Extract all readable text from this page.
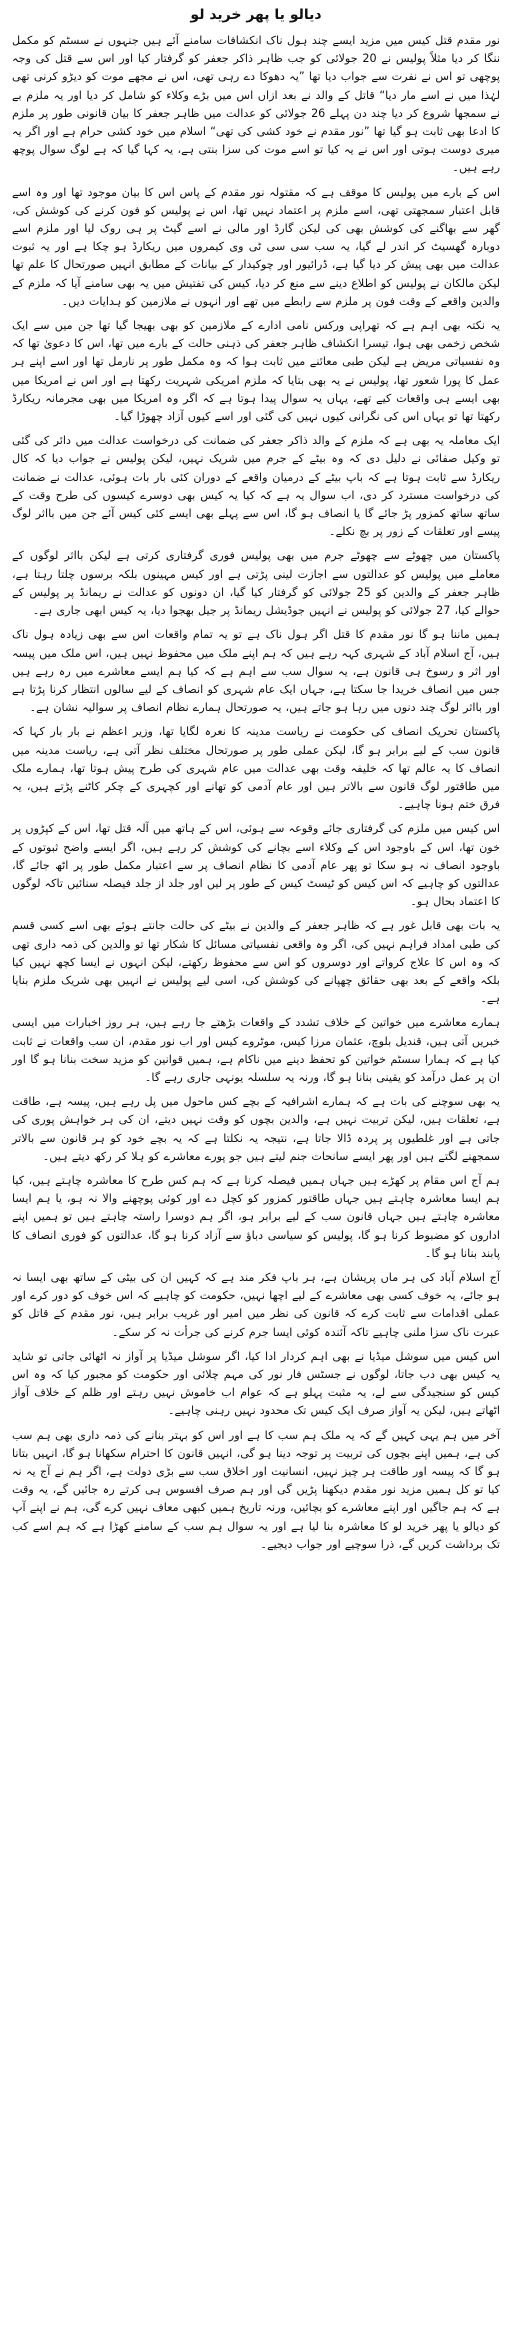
دیالو یا پھر خرید لو

نور مقدم قتل کیس میں مزید ایسے چند ہول ناک انکشافات سامنے آئے ہیں جنہوں نے سسٹم کو مکمل ننگا کر دیا مثلاً پولیس نے 20 جولائی کو جب ظاہر ذاکر جعفر کو گرفتار کیا اور اس سے قتل کی وجہ پوچھی تو اس نے نفرت سے جواب دیا تھا ”یہ دھوکا دے رہی تھی، اس نے مجھے موت کو دیڑو کرنی تھی لہٰذا میں نے اسے مار دیا“ قاتل کے والد نے بعد ازاں اس میں بڑے وکلاء کو شامل کر دیا اور یہ ملزم بے نے سمجھا شروع کر دیا چند دن پہلے 26 جولائی کو عدالت میں ظاہر جعفر کا بیان قانونی طور پر ملزم کا ادعا بھی ثابت ہو گیا تھا ”نور مقدم نے خود کشی کی تھی“ اسلام میں خود کشی حرام ہے اور اگر یہ میری دوست ہوتی اور اس نے یہ کیا تو اسے موت کی سزا بنتی ہے، یہ کہا گیا کہ ہے لوگ سوال پوچھ رہے ہیں۔

اس کے بارے میں پولیس کا موقف ہے کہ مقتولہ نور مقدم کے پاس اس کا بیان موجود تھا اور وہ اسے قابل اعتبار سمجھتی تھی، اسے ملزم پر اعتماد نہیں تھا، اس نے پولیس کو فون کرنے کی کوشش کی، گھر سے بھاگنے کی کوشش بھی کی لیکن گارڈ اور مالی نے اسے گیٹ پر ہی روک لیا اور ملزم اسے دوبارہ گھسیٹ کر اندر لے گیا، یہ سب سی سی ٹی وی کیمروں میں ریکارڈ ہو چکا ہے اور یہ ثبوت عدالت میں بھی پیش کر دیا گیا ہے، ڈرائیور اور چوکیدار کے بیانات کے مطابق انہیں صورتحال کا علم تھا لیکن مالکان نے پولیس کو اطلاع دینے سے منع کر دیا، کیس کی تفتیش میں یہ بھی سامنے آیا کہ ملزم کے والدین واقعے کے وقت فون پر ملزم سے رابطے میں تھے اور انہوں نے ملازمین کو ہدایات دیں۔

یہ نکتہ بھی اہم ہے کہ تھراپی ورکس نامی ادارے کے ملازمین کو بھی بھیجا گیا تھا جن میں سے ایک شخص زخمی بھی ہوا، تیسرا انکشاف ظاہر جعفر کی ذہنی حالت کے بارے میں تھا، اس کا دعویٰ تھا کہ وہ نفسیاتی مریض ہے لیکن طبی معائنے میں ثابت ہوا کہ وہ مکمل طور پر نارمل تھا اور اسے اپنے ہر عمل کا پورا شعور تھا، پولیس نے یہ بھی بتایا کہ ملزم امریکی شہریت رکھتا ہے اور اس نے امریکا میں بھی ایسے ہی واقعات کیے تھے، یہاں یہ سوال پیدا ہوتا ہے کہ اگر وہ امریکا میں بھی مجرمانہ ریکارڈ رکھتا تھا تو یہاں اس کی نگرانی کیوں نہیں کی گئی اور اسے کیوں آزاد چھوڑا گیا۔

ایک معاملہ یہ بھی ہے کہ ملزم کے والد ذاکر جعفر کی ضمانت کی درخواست عدالت میں دائر کی گئی تو وکیل صفائی نے دلیل دی کہ وہ بیٹے کے جرم میں شریک نہیں، لیکن پولیس نے جواب دیا کہ کال ریکارڈ سے ثابت ہوتا ہے کہ باپ بیٹے کے درمیان واقعے کے دوران کئی بار بات ہوئی، عدالت نے ضمانت کی درخواست مسترد کر دی، اب سوال یہ ہے کہ کیا یہ کیس بھی دوسرے کیسوں کی طرح وقت کے ساتھ ساتھ کمزور پڑ جائے گا یا انصاف ہو گا، اس سے پہلے بھی ایسے کئی کیس آئے جن میں بااثر لوگ پیسے اور تعلقات کے زور پر بچ نکلے۔

پاکستان میں چھوٹے سے چھوٹے جرم میں بھی پولیس فوری گرفتاری کرتی ہے لیکن بااثر لوگوں کے معاملے میں پولیس کو عدالتوں سے اجازت لینی پڑتی ہے اور کیس مہینوں بلکہ برسوں چلتا رہتا ہے، ظاہر جعفر کے والدین کو 25 جولائی کو گرفتار کیا گیا، ان دونوں کو عدالت نے ریمانڈ پر پولیس کے حوالے کیا، 27 جولائی کو پولیس نے انہیں جوڈیشل ریمانڈ پر جیل بھجوا دیا، یہ کیس ابھی جاری ہے۔

ہمیں ماننا ہو گا نور مقدم کا قتل اگر ہول ناک ہے تو یہ تمام واقعات اس سے بھی زیادہ ہول ناک ہیں، آج اسلام آباد کے شہری کہہ رہے ہیں کہ ہم اپنے ملک میں محفوظ نہیں ہیں، اس ملک میں پیسہ اور اثر و رسوخ ہی قانون ہے، یہ سوال سب سے اہم ہے کہ کیا ہم ایسے معاشرے میں رہ رہے ہیں جس میں انصاف خریدا جا سکتا ہے، جہاں ایک عام شہری کو انصاف کے لیے سالوں انتظار کرنا پڑتا ہے اور بااثر لوگ چند دنوں میں رہا ہو جاتے ہیں، یہ صورتحال ہمارے نظام انصاف پر سوالیہ نشان ہے۔

پاکستان تحریک انصاف کی حکومت نے ریاست مدینہ کا نعرہ لگایا تھا، وزیر اعظم نے بار بار کہا کہ قانون سب کے لیے برابر ہو گا، لیکن عملی طور پر صورتحال مختلف نظر آتی ہے، ریاست مدینہ میں انصاف کا یہ عالم تھا کہ خلیفہ وقت بھی عدالت میں عام شہری کی طرح پیش ہوتا تھا، ہمارے ملک میں طاقتور لوگ قانون سے بالاتر ہیں اور عام آدمی کو تھانے اور کچہری کے چکر کاٹنے پڑتے ہیں، یہ فرق ختم ہونا چاہیے۔

اس کیس میں ملزم کی گرفتاری جائے وقوعہ سے ہوئی، اس کے ہاتھ میں آلہ قتل تھا، اس کے کپڑوں پر خون تھا، اس کے باوجود اس کے وکلاء اسے بچانے کی کوشش کر رہے ہیں، اگر ایسے واضح ثبوتوں کے باوجود انصاف نہ ہو سکا تو پھر عام آدمی کا نظام انصاف پر سے اعتبار مکمل طور پر اٹھ جائے گا، عدالتوں کو چاہیے کہ اس کیس کو ٹیسٹ کیس کے طور پر لیں اور جلد از جلد فیصلہ سنائیں تاکہ لوگوں کا اعتماد بحال ہو۔

یہ بات بھی قابل غور ہے کہ ظاہر جعفر کے والدین نے بیٹے کی حالت جانتے ہوئے بھی اسے کسی قسم کی طبی امداد فراہم نہیں کی، اگر وہ واقعی نفسیاتی مسائل کا شکار تھا تو والدین کی ذمہ داری تھی کہ وہ اس کا علاج کرواتے اور دوسروں کو اس سے محفوظ رکھتے، لیکن انہوں نے ایسا کچھ نہیں کیا بلکہ واقعے کے بعد بھی حقائق چھپانے کی کوشش کی، اسی لیے پولیس نے انہیں بھی شریک ملزم بنایا ہے۔

ہمارے معاشرے میں خواتین کے خلاف تشدد کے واقعات بڑھتے جا رہے ہیں، ہر روز اخبارات میں ایسی خبریں آتی ہیں، قندیل بلوچ، عثمان مرزا کیس، موٹروے کیس اور اب نور مقدم، ان سب واقعات نے ثابت کیا ہے کہ ہمارا سسٹم خواتین کو تحفظ دینے میں ناکام ہے، ہمیں قوانین کو مزید سخت بنانا ہو گا اور ان پر عمل درآمد کو یقینی بنانا ہو گا، ورنہ یہ سلسلہ یونہی جاری رہے گا۔

یہ بھی سوچنے کی بات ہے کہ ہمارے اشرافیہ کے بچے کس ماحول میں پل رہے ہیں، پیسہ ہے، طاقت ہے، تعلقات ہیں، لیکن تربیت نہیں ہے، والدین بچوں کو وقت نہیں دیتے، ان کی ہر خواہش پوری کی جاتی ہے اور غلطیوں پر پردہ ڈالا جاتا ہے، نتیجہ یہ نکلتا ہے کہ یہ بچے خود کو ہر قانون سے بالاتر سمجھنے لگتے ہیں اور پھر ایسے سانحات جنم لیتے ہیں جو پورے معاشرے کو ہلا کر رکھ دیتے ہیں۔

ہم آج اس مقام پر کھڑے ہیں جہاں ہمیں فیصلہ کرنا ہے کہ ہم کس طرح کا معاشرہ چاہتے ہیں، کیا ہم ایسا معاشرہ چاہتے ہیں جہاں طاقتور کمزور کو کچل دے اور کوئی پوچھنے والا نہ ہو، یا ہم ایسا معاشرہ چاہتے ہیں جہاں قانون سب کے لیے برابر ہو، اگر ہم دوسرا راستہ چاہتے ہیں تو ہمیں اپنے اداروں کو مضبوط کرنا ہو گا، پولیس کو سیاسی دباؤ سے آزاد کرنا ہو گا، عدالتوں کو فوری انصاف کا پابند بنانا ہو گا۔

آج اسلام آباد کی ہر ماں پریشان ہے، ہر باپ فکر مند ہے کہ کہیں ان کی بیٹی کے ساتھ بھی ایسا نہ ہو جائے، یہ خوف کسی بھی معاشرے کے لیے اچھا نہیں، حکومت کو چاہیے کہ اس خوف کو دور کرے اور عملی اقدامات سے ثابت کرے کہ قانون کی نظر میں امیر اور غریب برابر ہیں، نور مقدم کے قاتل کو عبرت ناک سزا ملنی چاہیے تاکہ آئندہ کوئی ایسا جرم کرنے کی جرأت نہ کر سکے۔

اس کیس میں سوشل میڈیا نے بھی اہم کردار ادا کیا، اگر سوشل میڈیا پر آواز نہ اٹھائی جاتی تو شاید یہ کیس بھی دب جاتا، لوگوں نے جسٹس فار نور کی مہم چلائی اور حکومت کو مجبور کیا کہ وہ اس کیس کو سنجیدگی سے لے، یہ مثبت پہلو ہے کہ عوام اب خاموش نہیں رہتے اور ظلم کے خلاف آواز اٹھاتے ہیں، لیکن یہ آواز صرف ایک کیس تک محدود نہیں رہنی چاہیے۔

آخر میں ہم یہی کہیں گے کہ یہ ملک ہم سب کا ہے اور اس کو بہتر بنانے کی ذمہ داری بھی ہم سب کی ہے، ہمیں اپنے بچوں کی تربیت پر توجہ دینا ہو گی، انہیں قانون کا احترام سکھانا ہو گا، انہیں بتانا ہو گا کہ پیسہ اور طاقت ہر چیز نہیں، انسانیت اور اخلاق سب سے بڑی دولت ہے، اگر ہم نے آج یہ نہ کیا تو کل ہمیں مزید نور مقدم دیکھنا پڑیں گی اور ہم صرف افسوس ہی کرتے رہ جائیں گے، یہ وقت ہے کہ ہم جاگیں اور اپنے معاشرے کو بچائیں، ورنہ تاریخ ہمیں کبھی معاف نہیں کرے گی، ہم نے اپنے آپ کو دیالو یا پھر خرید لو کا معاشرہ بنا لیا ہے اور یہ سوال ہم سب کے سامنے کھڑا ہے کہ ہم اسے کب تک برداشت کریں گے، ذرا سوچیے اور جواب دیجیے۔
